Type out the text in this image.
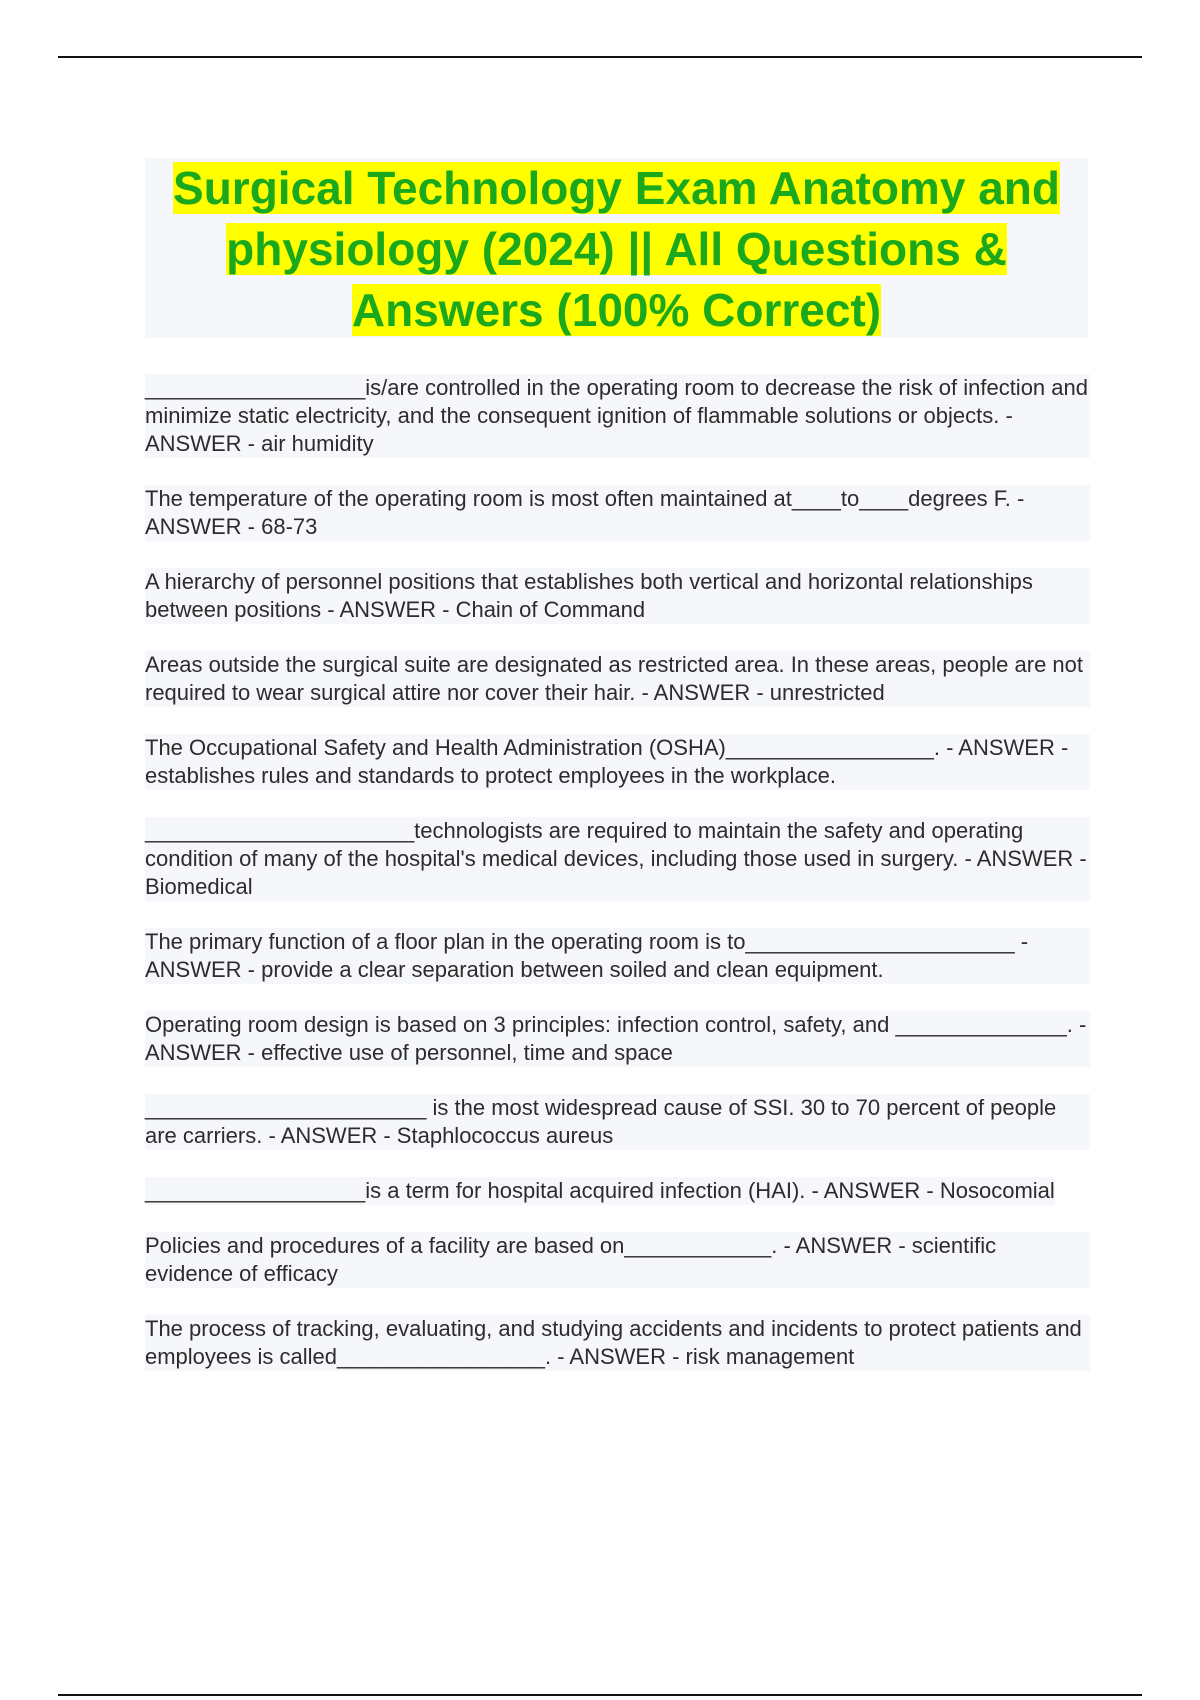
Surgical Technology Exam Anatomy and
physiology (2024) || All Questions &
Answers (100% Correct)
__________________is/are controlled in the operating room to decrease the risk of infection and minimize static electricity, and the consequent ignition of flammable solutions or objects. - ANSWER - air humidity
The temperature of the operating room is most often maintained at____to____degrees F. - ANSWER - 68-73
A hierarchy of personnel positions that establishes both vertical and horizontal relationships between positions - ANSWER - Chain of Command
Areas outside the surgical suite are designated as restricted area. In these areas, people are not required to wear surgical attire nor cover their hair. - ANSWER - unrestricted
The Occupational Safety and Health Administration (OSHA)_________________. - ANSWER - establishes rules and standards to protect employees in the workplace.
______________________technologists are required to maintain the safety and operating condition of many of the hospital's medical devices, including those used in surgery. - ANSWER - Biomedical
The primary function of a floor plan in the operating room is to______________________ - ANSWER - provide a clear separation between soiled and clean equipment.
Operating room design is based on 3 principles: infection control, safety, and ______________. - ANSWER - effective use of personnel, time and space
_______________________ is the most widespread cause of SSI. 30 to 70 percent of people are carriers. - ANSWER - Staphlococcus aureus
__________________is a term for hospital acquired infection (HAI). - ANSWER - Nosocomial
Policies and procedures of a facility are based on____________. - ANSWER - scientific evidence of efficacy
The process of tracking, evaluating, and studying accidents and incidents to protect patients and employees is called_________________. - ANSWER - risk management
